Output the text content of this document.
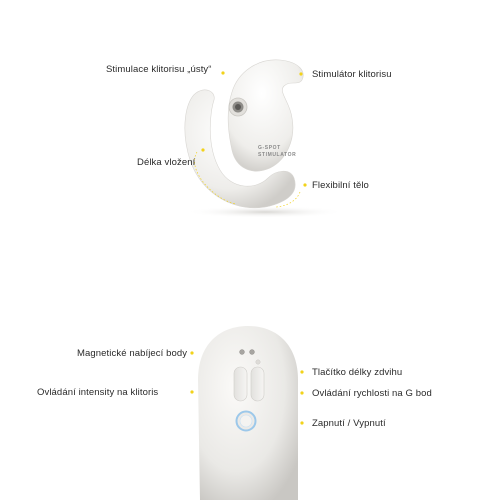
G-SPOT
STIMULATOR
Stimulace klitorisu „ústy“	Stimulátor klitorisu
Délka vložení
Flexibilní tělo
Magnetické nabíjecí body
Tlačítko délky zdvihu
Ovládání intensity na klitoris	Ovládání rychlosti na G bod
Zapnutí / Vypnutí
